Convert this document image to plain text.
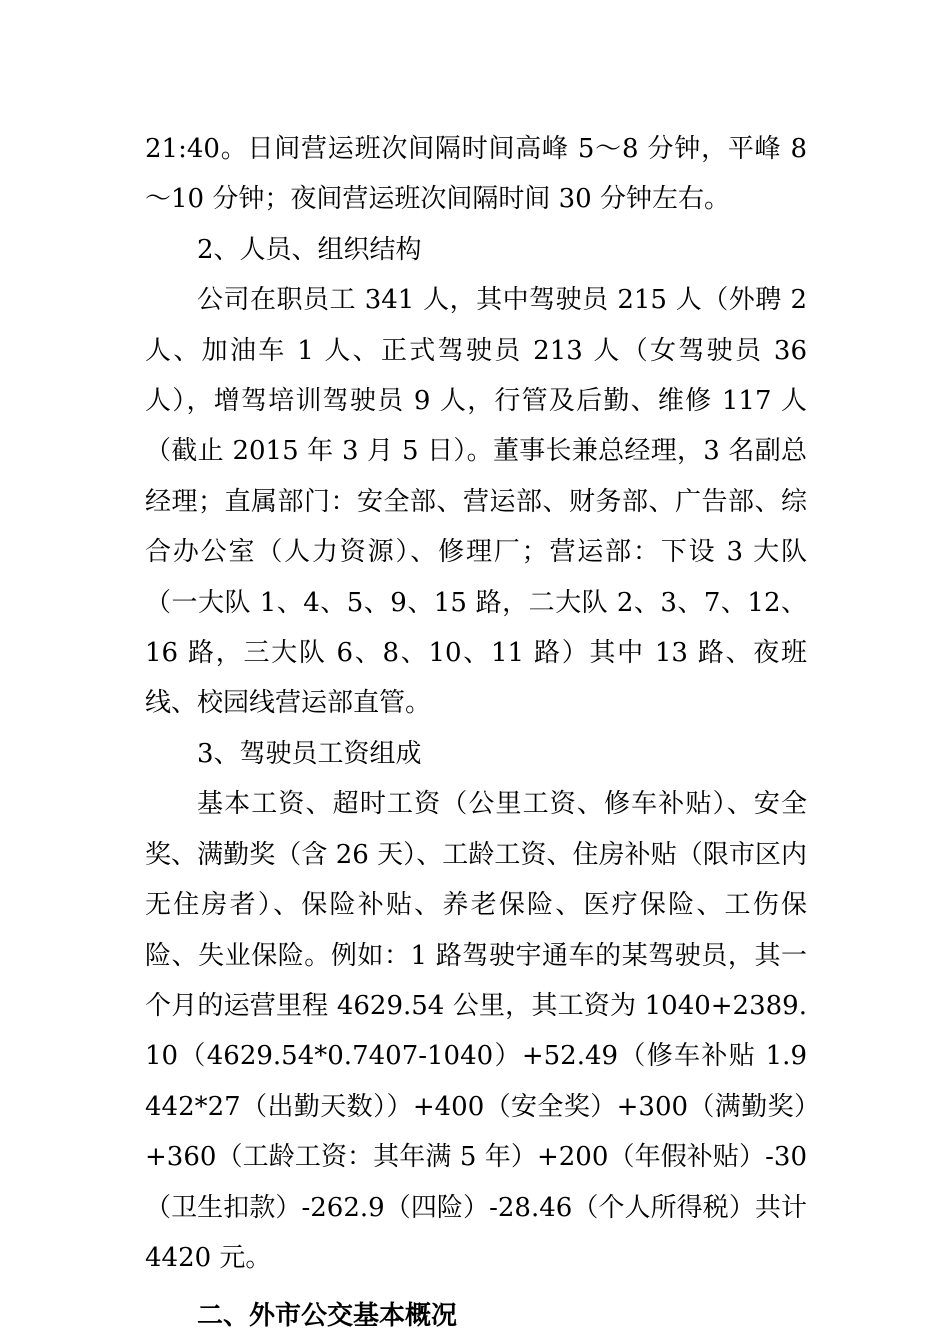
21:40。日间营运班次间隔时间高峰 5～8 分钟，平峰 8～10 分钟；夜间营运班次间隔时间 30 分钟左右。

2、人员、组织结构

公司在职员工 341 人，其中驾驶员 215 人（外聘 2 人、加油车 1 人、正式驾驶员 213 人（女驾驶员 36 人），增驾培训驾驶员 9 人，行管及后勤、维修 117 人（截止 2015 年 3 月 5 日）。董事长兼总经理，3 名副总经理；直属部门：安全部、营运部、财务部、广告部、综合办公室（人力资源）、修理厂；营运部：下设 3 大队（一大队 1、4、5、9、15 路，二大队 2、3、7、12、16 路，三大队 6、8、10、11 路）其中 13 路、夜班线、校园线营运部直管。

3、驾驶员工资组成

基本工资、超时工资（公里工资、修车补贴）、安全奖、满勤奖（含 26 天）、工龄工资、住房补贴（限市区内无住房者）、保险补贴、养老保险、医疗保险、工伤保险、失业保险。例如：1 路驾驶宇通车的某驾驶员，其一个月的运营里程 4629.54 公里，其工资为 1040+2389.10（4629.54*0.7407-1040）+52.49（修车补贴 1.9442*27（出勤天数））+400（安全奖）+300（满勤奖）+360（工龄工资：其年满 5 年）+200（年假补贴）-30（卫生扣款）-262.9（四险）-28.46（个人所得税）共计 4420 元。

二、外市公交基本概况
